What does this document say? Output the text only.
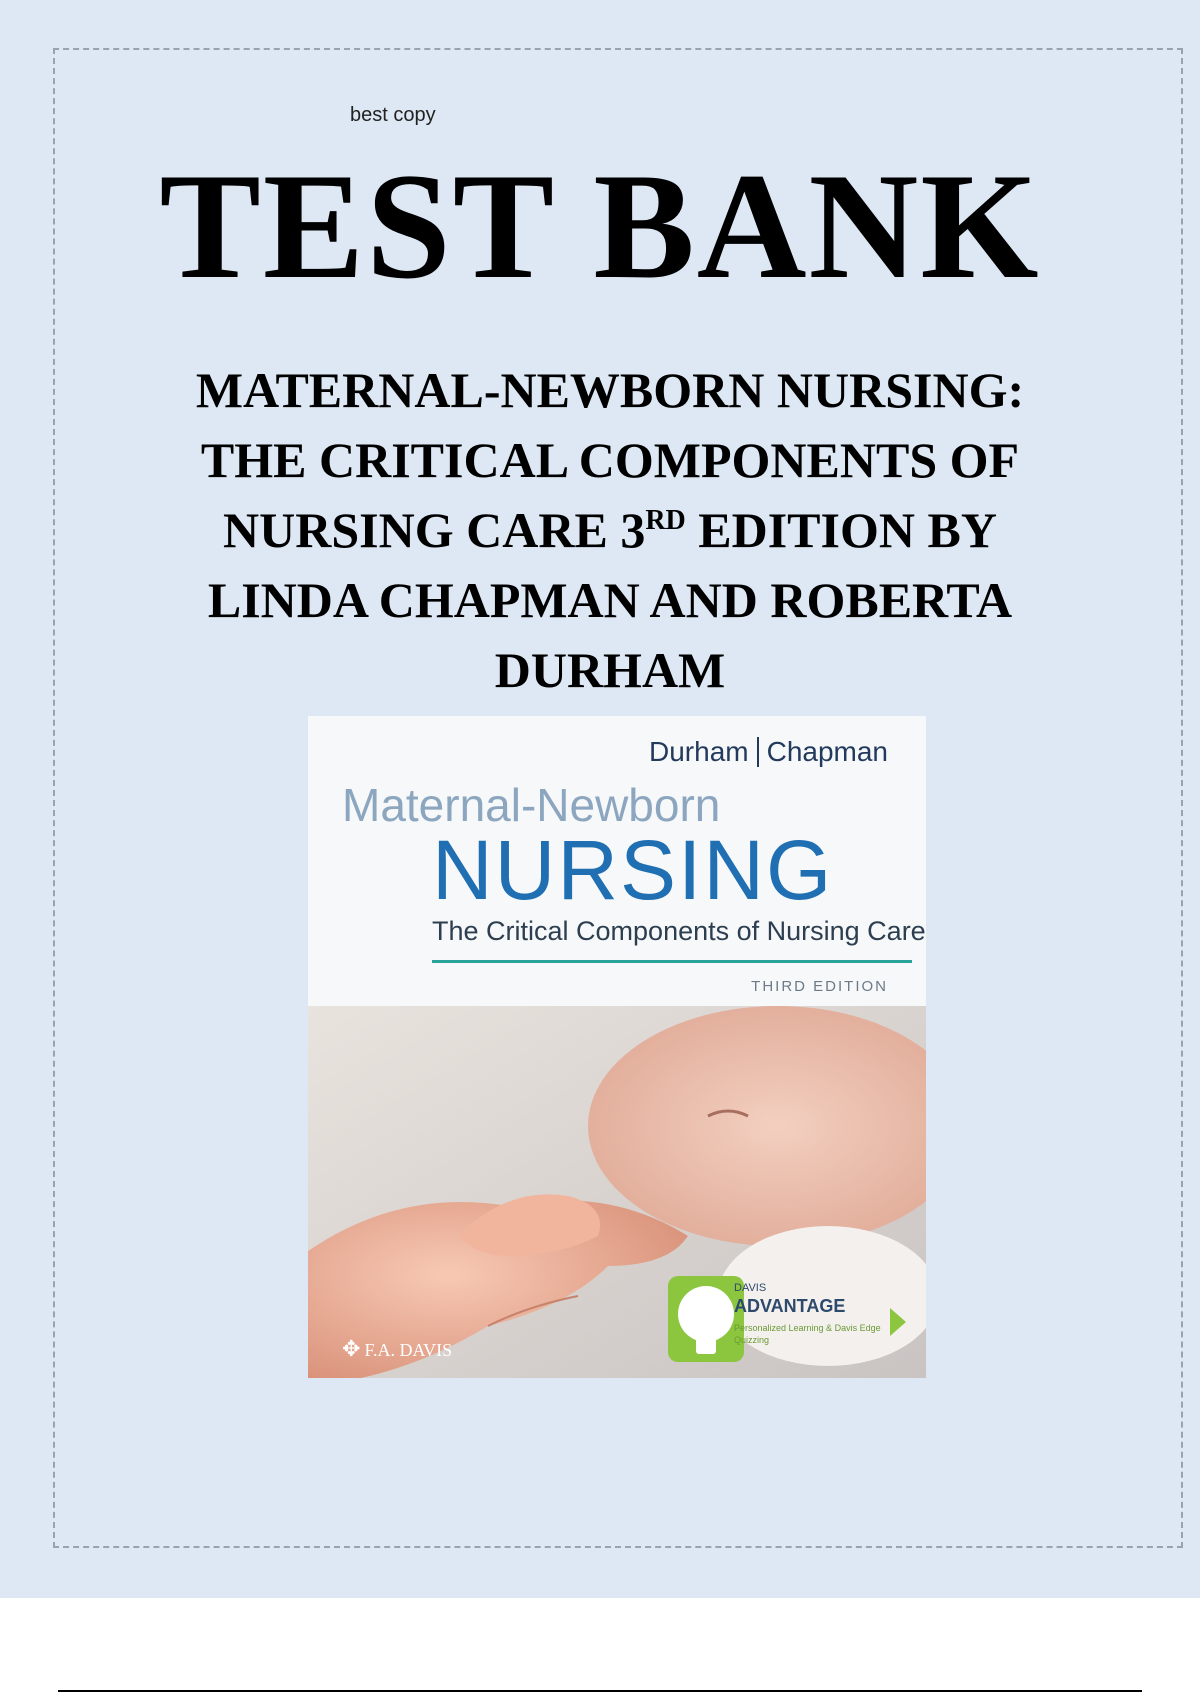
best copy
TEST BANK
MATERNAL-NEWBORN NURSING:
THE CRITICAL COMPONENTS OF
NURSING CARE 3RD EDITION BY
LINDA CHAPMAN AND ROBERTA
DURHAM
Durham Chapman
Maternal-Newborn
NURSING
The Critical Components of Nursing Care
THIRD EDITION
✥ F.A. DAVIS
DAVIS
ADVANTAGE
Personalized Learning & Davis Edge Quizzing
